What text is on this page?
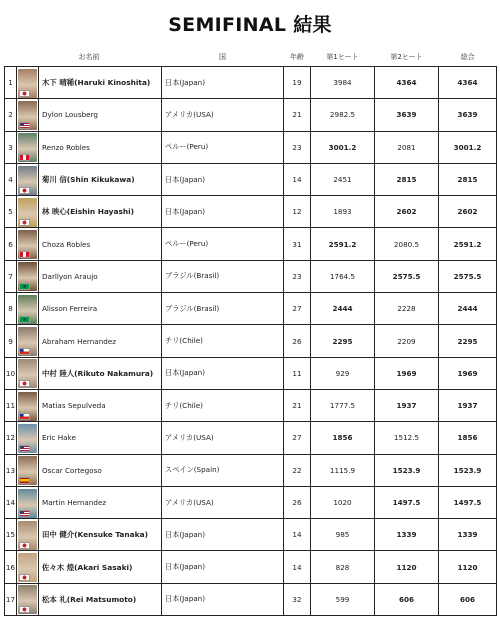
SEMIFINAL 結果
	お名前		国	年齢	第1ヒート	第2ヒート	総合
1		木下 晴稀(Haruki Kinoshita)	日本(Japan)	19	3984	4364	4364
2		Dylon Lousberg	アメリカ(USA)	21	2982.5	3639	3639
3		Renzo Robles	ペルー(Peru)	23	3001.2	2081	3001.2
4		菊川 信(Shin Kikukawa)	日本(Japan)	14	2451	2815	2815
5		林 映心(Eishin Hayashi)	日本(Japan)	12	1893	2602	2602
6		Choza Robles	ペルー(Peru)	31	2591.2	2080.5	2591.2
7		Darllyon Araujo	ブラジル(Brasil)	23	1764.5	2575.5	2575.5
8		Alisson Ferreira	ブラジル(Brasil)	27	2444	2228	2444
9		Abraham Hernandez	チリ(Chile)	26	2295	2209	2295
10		中村 陸人(Rikuto Nakamura)	日本(Japan)	11	929	1969	1969
11		Matias Sepulveda	チリ(Chile)	21	1777.5	1937	1937
12		Eric Hake	アメリカ(USA)	27	1856	1512.5	1856
13		Oscar Cortegoso	スペイン(Spain)	22	1115.9	1523.9	1523.9
14		Martin Hernandez	アメリカ(USA)	26	1020	1497.5	1497.5
15		田中 健介(Kensuke Tanaka)	日本(Japan)	14	985	1339	1339
16		佐々木 煌(Akari Sasaki)	日本(Japan)	14	828	1120	1120
17		松本 礼(Rei Matsumoto)	日本(Japan)	32	599	606	606
